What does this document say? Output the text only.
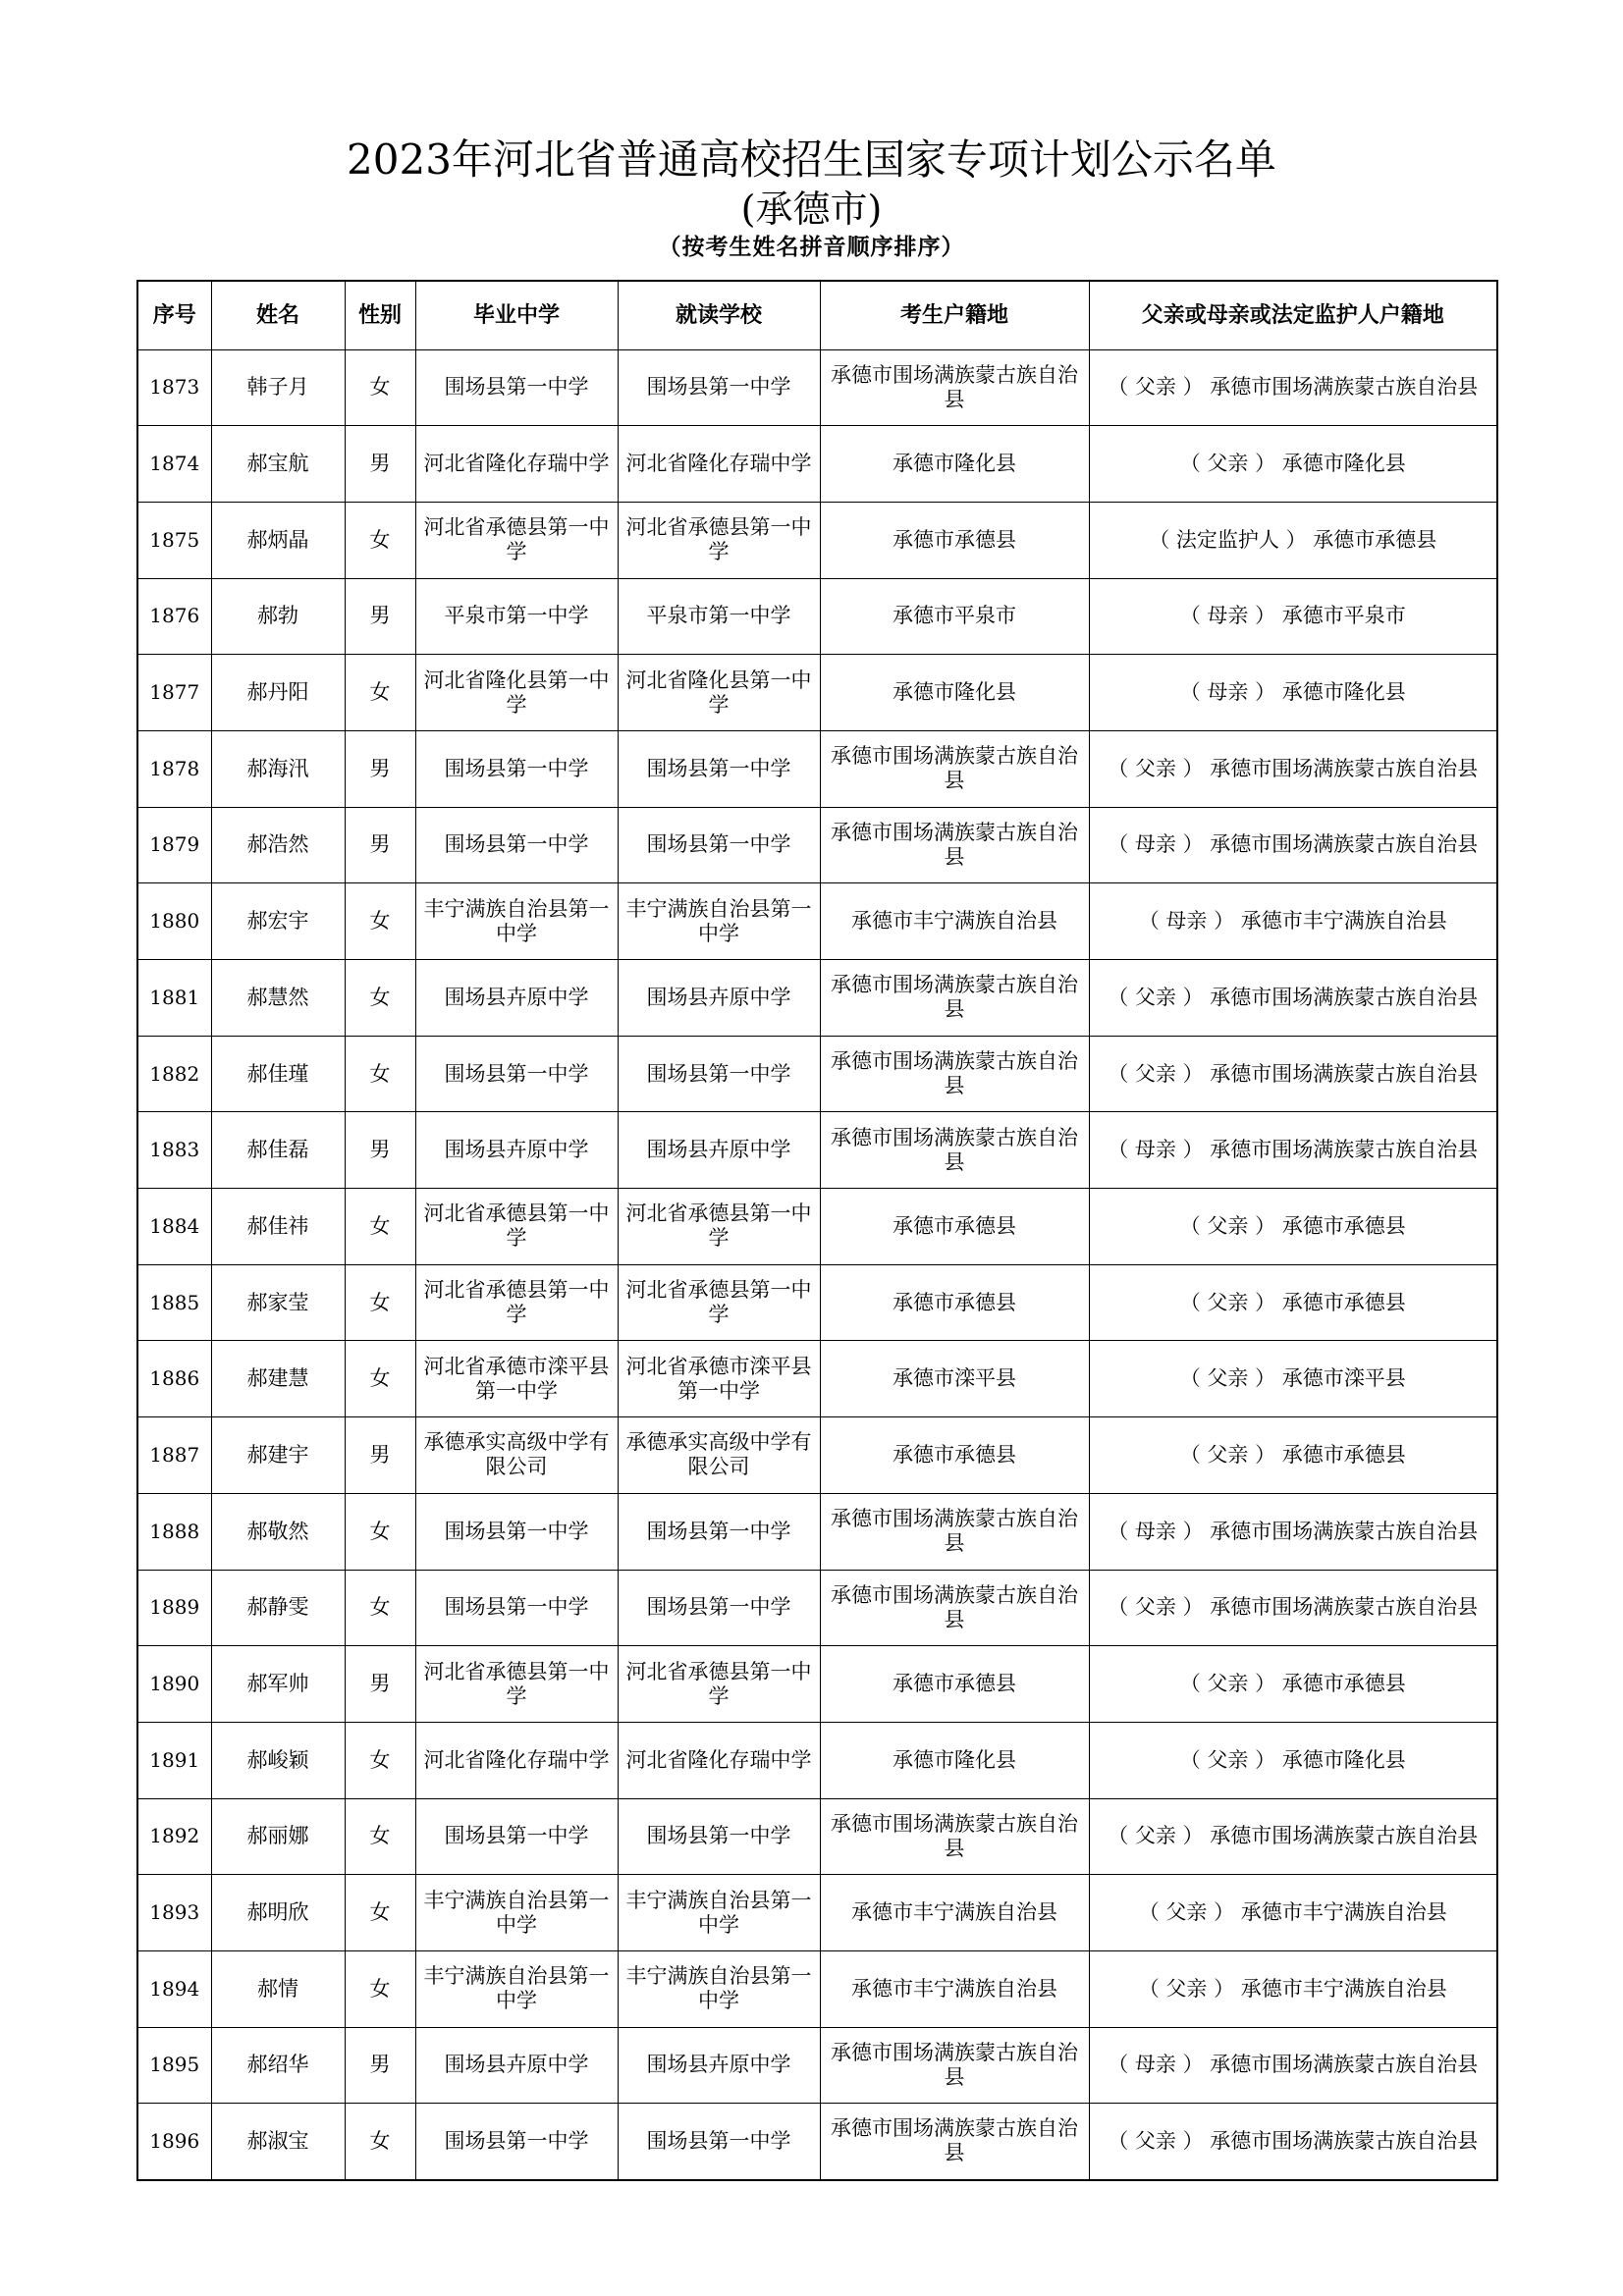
2023年河北省普通高校招生国家专项计划公示名单
(承德市)
（按考生姓名拼音顺序排序）
序号	姓名	性别	毕业中学	就读学校	考生户籍地	父亲或母亲或法定监护人户籍地
1873	韩子月	女	围场县第一中学	围场县第一中学	承德市围场满族蒙古族自治县	（ 父亲 ） 承德市围场满族蒙古族自治县
1874	郝宝航	男	河北省隆化存瑞中学	河北省隆化存瑞中学	承德市隆化县	（ 父亲 ） 承德市隆化县
1875	郝炳晶	女	河北省承德县第一中学	河北省承德县第一中学	承德市承德县	（ 法定监护人 ） 承德市承德县
1876	郝勃	男	平泉市第一中学	平泉市第一中学	承德市平泉市	（ 母亲 ） 承德市平泉市
1877	郝丹阳	女	河北省隆化县第一中学	河北省隆化县第一中学	承德市隆化县	（ 母亲 ） 承德市隆化县
1878	郝海汛	男	围场县第一中学	围场县第一中学	承德市围场满族蒙古族自治县	（ 父亲 ） 承德市围场满族蒙古族自治县
1879	郝浩然	男	围场县第一中学	围场县第一中学	承德市围场满族蒙古族自治县	（ 母亲 ） 承德市围场满族蒙古族自治县
1880	郝宏宇	女	丰宁满族自治县第一中学	丰宁满族自治县第一中学	承德市丰宁满族自治县	（ 母亲 ） 承德市丰宁满族自治县
1881	郝慧然	女	围场县卉原中学	围场县卉原中学	承德市围场满族蒙古族自治县	（ 父亲 ） 承德市围场满族蒙古族自治县
1882	郝佳瑾	女	围场县第一中学	围场县第一中学	承德市围场满族蒙古族自治县	（ 父亲 ） 承德市围场满族蒙古族自治县
1883	郝佳磊	男	围场县卉原中学	围场县卉原中学	承德市围场满族蒙古族自治县	（ 母亲 ） 承德市围场满族蒙古族自治县
1884	郝佳祎	女	河北省承德县第一中学	河北省承德县第一中学	承德市承德县	（ 父亲 ） 承德市承德县
1885	郝家莹	女	河北省承德县第一中学	河北省承德县第一中学	承德市承德县	（ 父亲 ） 承德市承德县
1886	郝建慧	女	河北省承德市滦平县第一中学	河北省承德市滦平县第一中学	承德市滦平县	（ 父亲 ） 承德市滦平县
1887	郝建宇	男	承德承实高级中学有限公司	承德承实高级中学有限公司	承德市承德县	（ 父亲 ） 承德市承德县
1888	郝敬然	女	围场县第一中学	围场县第一中学	承德市围场满族蒙古族自治县	（ 母亲 ） 承德市围场满族蒙古族自治县
1889	郝静雯	女	围场县第一中学	围场县第一中学	承德市围场满族蒙古族自治县	（ 父亲 ） 承德市围场满族蒙古族自治县
1890	郝军帅	男	河北省承德县第一中学	河北省承德县第一中学	承德市承德县	（ 父亲 ） 承德市承德县
1891	郝峻颖	女	河北省隆化存瑞中学	河北省隆化存瑞中学	承德市隆化县	（ 父亲 ） 承德市隆化县
1892	郝丽娜	女	围场县第一中学	围场县第一中学	承德市围场满族蒙古族自治县	（ 父亲 ） 承德市围场满族蒙古族自治县
1893	郝明欣	女	丰宁满族自治县第一中学	丰宁满族自治县第一中学	承德市丰宁满族自治县	（ 父亲 ） 承德市丰宁满族自治县
1894	郝情	女	丰宁满族自治县第一中学	丰宁满族自治县第一中学	承德市丰宁满族自治县	（ 父亲 ） 承德市丰宁满族自治县
1895	郝绍华	男	围场县卉原中学	围场县卉原中学	承德市围场满族蒙古族自治县	（ 母亲 ） 承德市围场满族蒙古族自治县
1896	郝淑宝	女	围场县第一中学	围场县第一中学	承德市围场满族蒙古族自治县	（ 父亲 ） 承德市围场满族蒙古族自治县
